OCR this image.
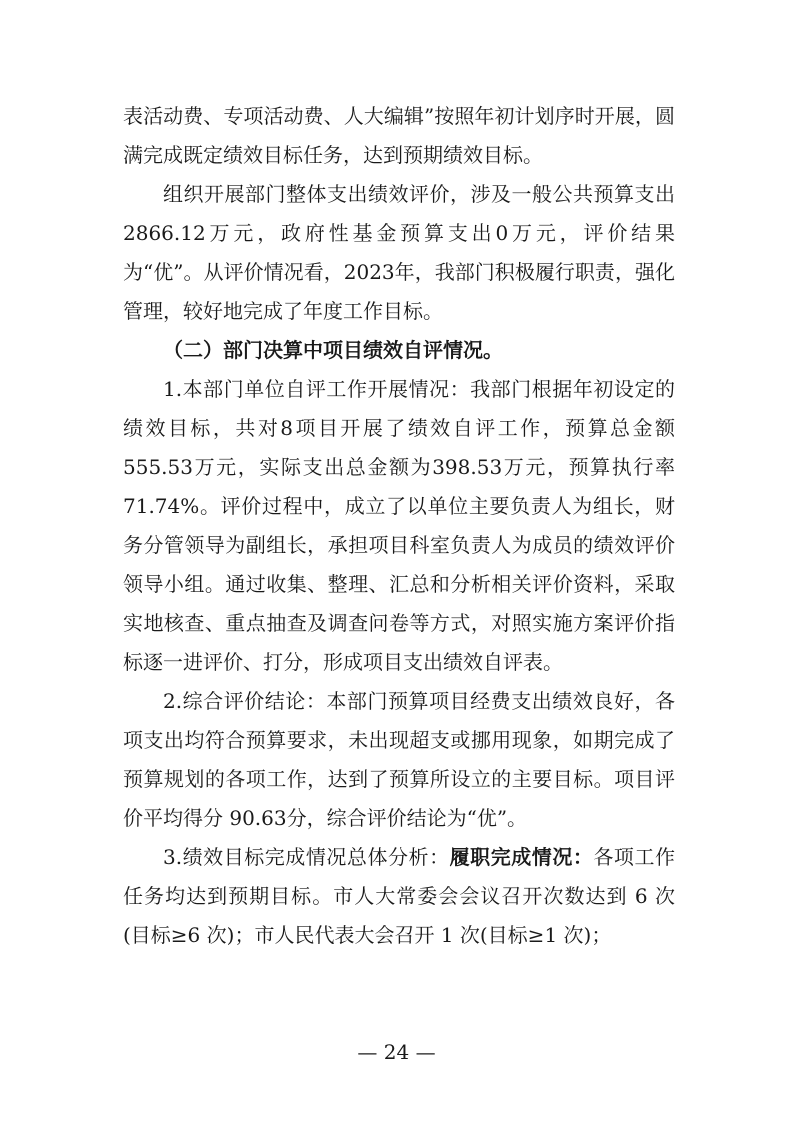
表活动费、专项活动费、人大编辑”按照年初计划序时开展，圆满完成既定绩效目标任务，达到预期绩效目标。

组织开展部门整体支出绩效评价，涉及一般公共预算支出2866.12万元，政府性基金预算支出0万元，评价结果为“优”。从评价情况看，2023年，我部门积极履行职责，强化管理，较好地完成了年度工作目标。

（二）部门决算中项目绩效自评情况。

1.本部门单位自评工作开展情况：我部门根据年初设定的绩效目标，共对8项目开展了绩效自评工作，预算总金额555.53万元，实际支出总金额为398.53万元，预算执行率71.74%。评价过程中，成立了以单位主要负责人为组长，财务分管领导为副组长，承担项目科室负责人为成员的绩效评价领导小组。通过收集、整理、汇总和分析相关评价资料，采取实地核查、重点抽查及调查问卷等方式，对照实施方案评价指标逐一进评价、打分，形成项目支出绩效自评表。

2.综合评价结论：本部门预算项目经费支出绩效良好，各项支出均符合预算要求，未出现超支或挪用现象，如期完成了预算规划的各项工作，达到了预算所设立的主要目标。项目评价平均得分 90.63分，综合评价结论为“优”。

3.绩效目标完成情况总体分析：履职完成情况：各项工作任务均达到预期目标。市人大常委会会议召开次数达到 6 次(目标≥6 次)；市人民代表大会召开 1 次(目标≥1 次)；

— 24 —
